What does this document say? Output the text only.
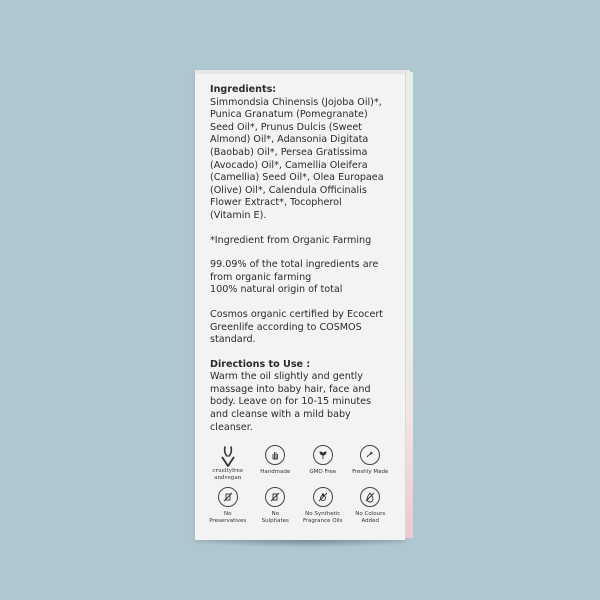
Ingredients:
Simmondsia Chinensis (Jojoba Oil)*,
Punica Granatum (Pomegranate)
Seed Oil*, Prunus Dulcis (Sweet
Almond) Oil*, Adansonia Digitata
(Baobab) Oil*, Persea Gratissima
(Avocado) Oil*, Camellia Oleifera
(Camellia) Seed Oil*, Olea Europaea
(Olive) Oil*, Calendula Officinalis
Flower Extract*, Tocopherol
(Vitamin E).
*Ingredient from Organic Farming
99.09% of the total ingredients are
from organic farming
100% natural origin of total
Cosmos organic certified by Ecocert
Greenlife according to COSMOS
standard.
Directions to Use :
Warm the oil slightly and gently
massage into baby hair, face and
body. Leave on for 10-15 minutes
and cleanse with a mild baby
cleanser.
crueltyfree
andvegan
Handmade	GMO Free	Freshly Made
No
Preservatives
No
Sulphates
No Synthetic
Fragrance Oils
No Colours
Added
